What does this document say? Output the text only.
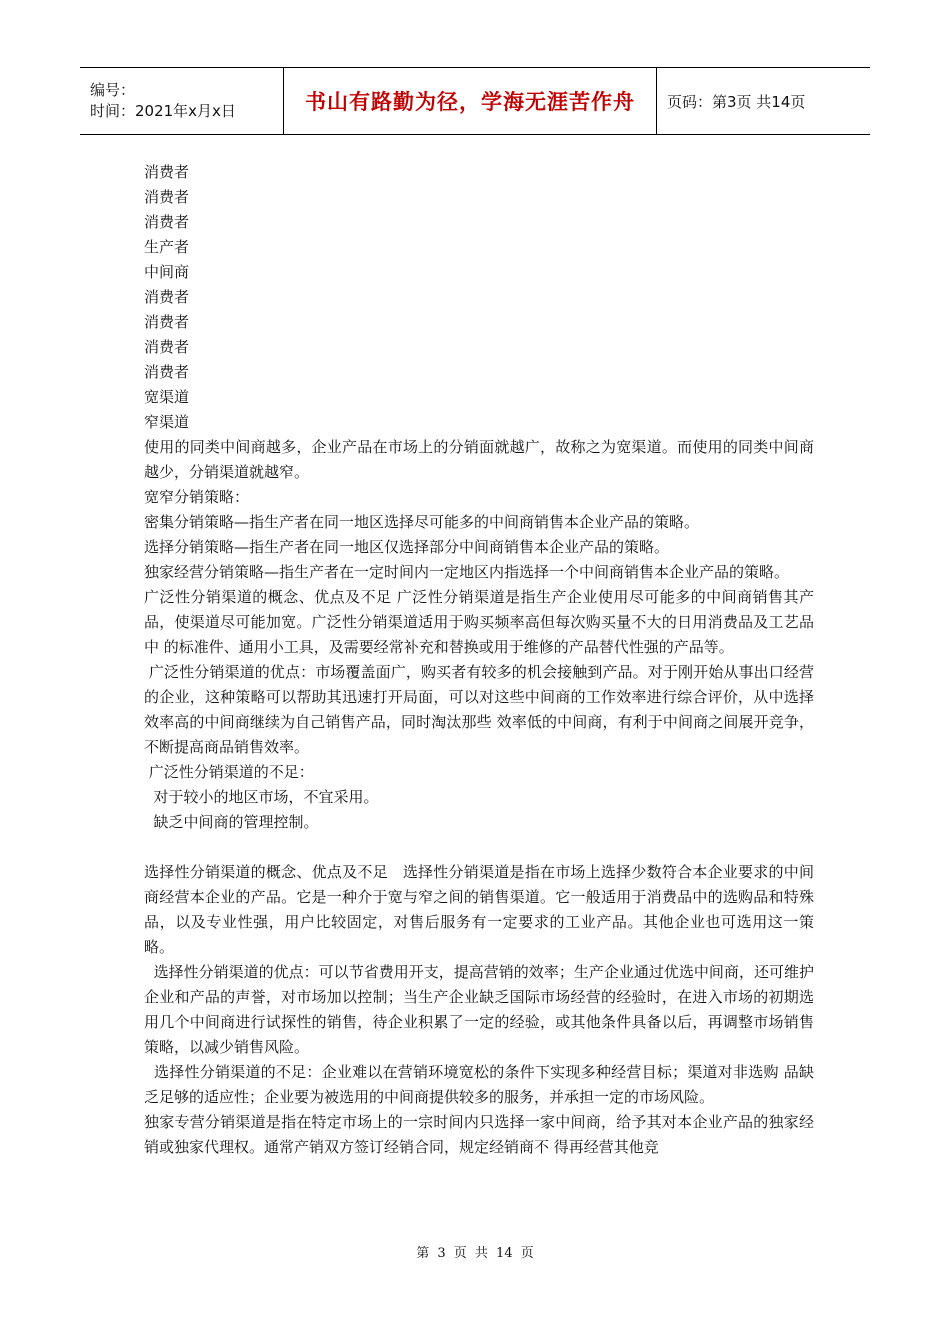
编号：
时间：2021年x月x日	书山有路勤为径，学海无涯苦作舟	页码：第3页 共14页

消费者

消费者

消费者

生产者

中间商

消费者

消费者

消费者

消费者

宽渠道

窄渠道

使用的同类中间商越多，企业产品在市场上的分销面就越广，故称之为宽渠道。而使用的同类中间商越少，分销渠道就越窄。

宽窄分销策略：

密集分销策略—指生产者在同一地区选择尽可能多的中间商销售本企业产品的策略。

选择分销策略—指生产者在同一地区仅选择部分中间商销售本企业产品的策略。

独家经营分销策略—指生产者在一定时间内一定地区内指选择一个中间商销售本企业产品的策略。

广泛性分销渠道的概念、优点及不足 广泛性分销渠道是指生产企业使用尽可能多的中间商销售其产品，使渠道尽可能加宽。广泛性分销渠道适用于购买频率高但每次购买量不大的日用消费品及工艺品中 的标准件、通用小工具，及需要经常补充和替换或用于维修的产品替代性强的产品等。

广泛性分销渠道的优点：市场覆盖面广，购买者有较多的机会接触到产品。对于刚开始从事出口经营的企业，这种策略可以帮助其迅速打开局面，可以对这些中间商的工作效率进行综合评价，从中选择效率高的中间商继续为自己销售产品，同时淘汰那些 效率低的中间商，有利于中间商之间展开竞争，不断提高商品销售效率。

广泛性分销渠道的不足：

对于较小的地区市场，不宜采用。

缺乏中间商的管理控制。

选择性分销渠道的概念、优点及不足   选择性分销渠道是指在市场上选择少数符合本企业要求的中间商经营本企业的产品。它是一种介于宽与窄之间的销售渠道。它一般适用于消费品中的选购品和特殊品，以及专业性强，用户比较固定，对售后服务有一定要求的工业产品。其他企业也可选用这一策略。

选择性分销渠道的优点：可以节省费用开支，提高营销的效率；生产企业通过优选中间商，还可维护企业和产品的声誉，对市场加以控制；当生产企业缺乏国际市场经营的经验时，在进入市场的初期选用几个中间商进行试探性的销售，待企业积累了一定的经验，或其他条件具备以后，再调整市场销售策略，以减少销售风险。

选择性分销渠道的不足：企业难以在营销环境宽松的条件下实现多种经营目标；渠道对非选购 品缺乏足够的适应性；企业要为被选用的中间商提供较多的服务，并承担一定的市场风险。

独家专营分销渠道是指在特定市场上的一宗时间内只选择一家中间商，给予其对本企业产品的独家经销或独家代理权。通常产销双方签订经销合同，规定经销商不 得再经营其他竞

第 3 页 共 14 页
